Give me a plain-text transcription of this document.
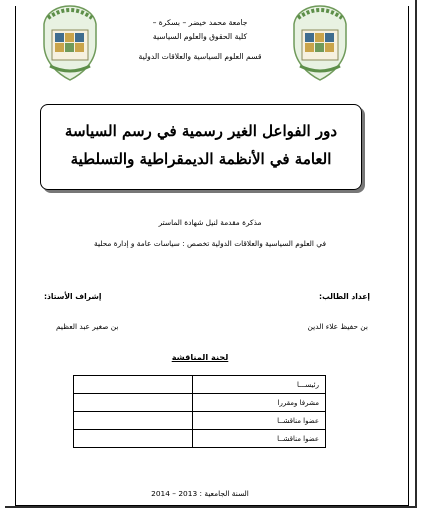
جامعة محمد خيضر – بسكرة –
كلية الحقوق والعلوم السياسية
قسم العلوم السياسية والعلاقات الدولية
دور الفواعل الغير رسمية في رسم السياسة
العامة في الأنظمة الديمقراطية والتسلطية
مذكرة مقدمة لنيل شهادة الماستر
في العلوم السياسية والعلاقات الدولية تخصص : سياسات عامة و إدارة محلية
إعداد الطالب:
إشراف الأستاذ:
بن حفيظ علاء الدين
بن صغير عبد العظيم
لجنة المناقشة
رئيســـا	
مشرفا ومقررا	
عضوا مناقشــا	
عضوا مناقشــا	
السنة الجامعية : 2013 – 2014
